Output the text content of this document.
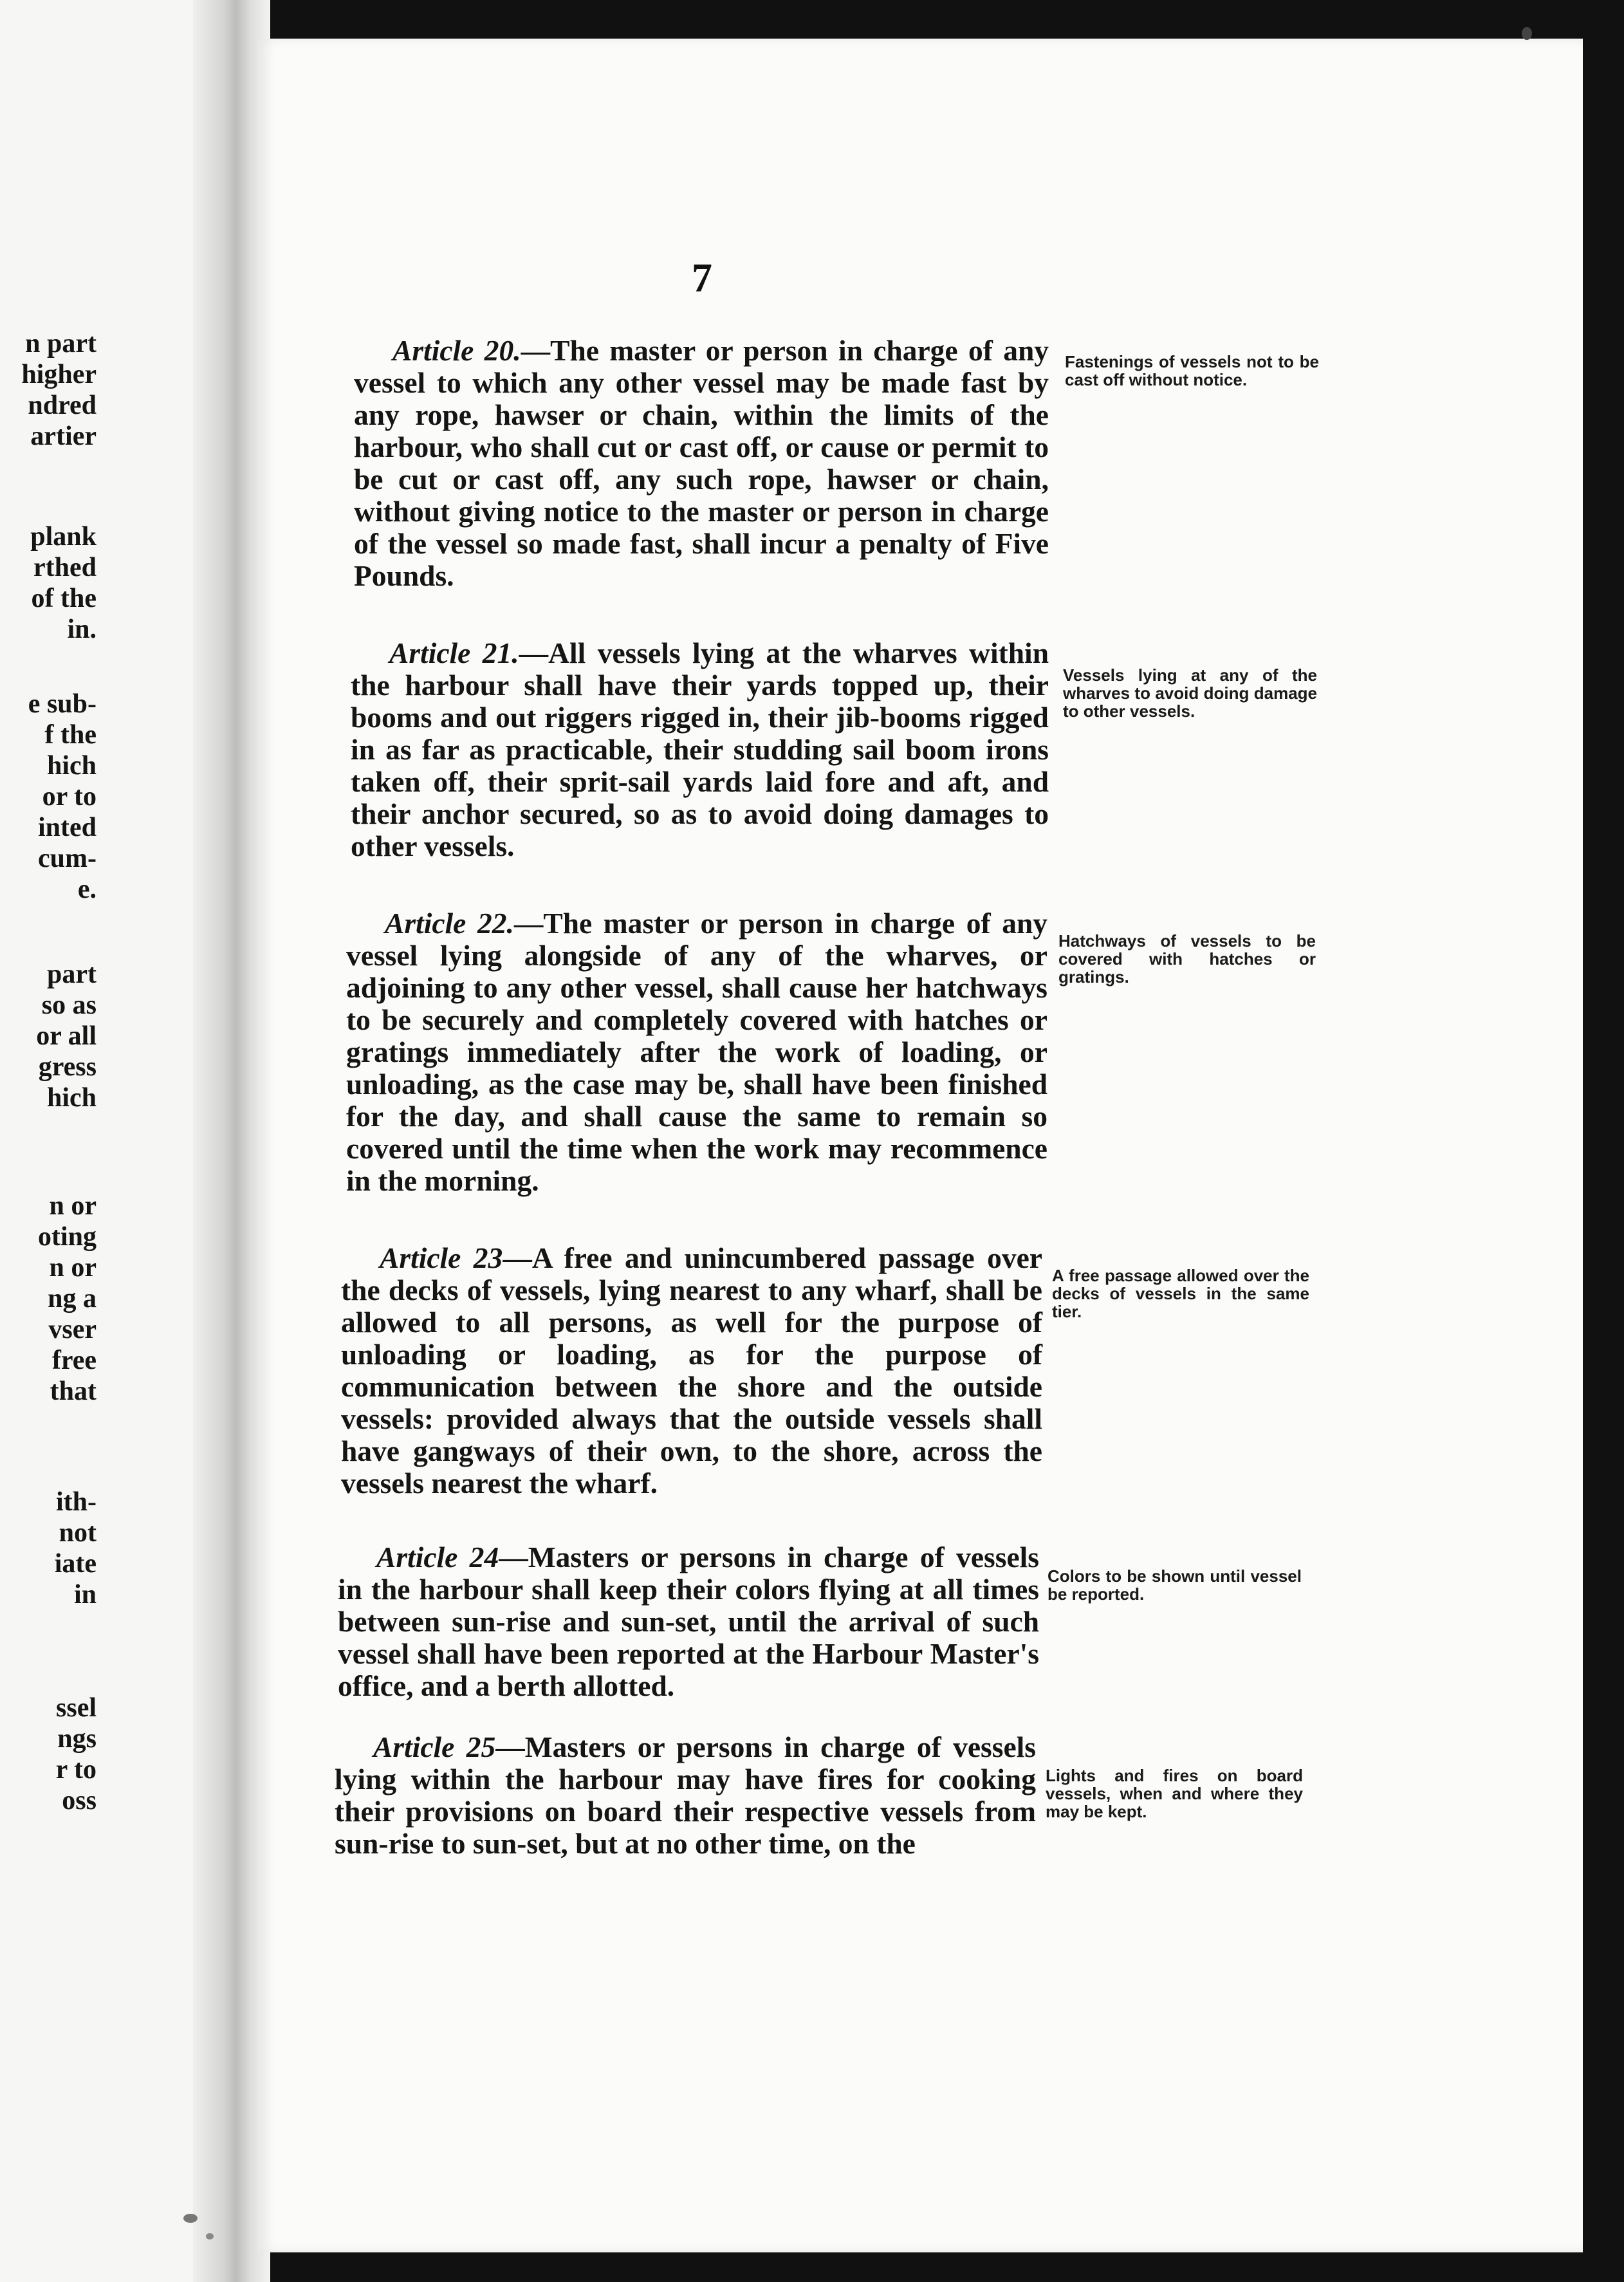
n part
higher
ndred
artier
plank
rthed
of the
in.
e sub-
f the
hich
or to
inted
cum-
e.
part
so as
or all
gress
hich
n or
oting
n or
ng a
vser
free
that
ith-
not
iate
in
ssel
ngs
r to
oss
7

Article 20.—The master or person in charge of any vessel to which any other vessel may be made fast by any rope, hawser or chain, within the limits of the harbour, who shall cut or cast off, or cause or permit to be cut or cast off, any such rope, hawser or chain, without giving notice to the master or person in charge of the vessel so made fast, shall incur a penalty of Five Pounds.

Fastenings of vessels not to be cast off without notice.

Article 21.—All vessels lying at the wharves within the harbour shall have their yards topped up, their booms and out riggers rigged in, their jib-booms rigged in as far as practicable, their studding sail boom irons taken off, their sprit-sail yards laid fore and aft, and their anchor secured, so as to avoid doing damages to other vessels.

Vessels lying at any of the wharves to avoid doing damage to other vessels.

Article 22.—The master or person in charge of any vessel lying alongside of any of the wharves, or adjoining to any other vessel, shall cause her hatchways to be securely and completely covered with hatches or gratings immediately after the work of loading, or unloading, as the case may be, shall have been finished for the day, and shall cause the same to remain so covered until the time when the work may recommence in the morning.

Hatchways of vessels to be covered with hatches or gratings.

Article 23—A free and unincumbered passage over the decks of vessels, lying nearest to any wharf, shall be allowed to all persons, as well for the purpose of unloading or loading, as for the purpose of communication between the shore and the outside vessels: provided always that the outside vessels shall have gangways of their own, to the shore, across the vessels nearest the wharf.

A free passage allowed over the decks of vessels in the same tier.

Article 24—Masters or persons in charge of vessels in the harbour shall keep their colors flying at all times between sun-rise and sun-set, until the arrival of such vessel shall have been reported at the Harbour Master's office, and a berth allotted.

Colors to be shown until vessel be reported.

Article 25—Masters or persons in charge of vessels lying within the harbour may have fires for cooking their provisions on board their respective vessels from sun-rise to sun-set, but at no other time, on the

Lights and fires on board vessels, when and where they may be kept.
